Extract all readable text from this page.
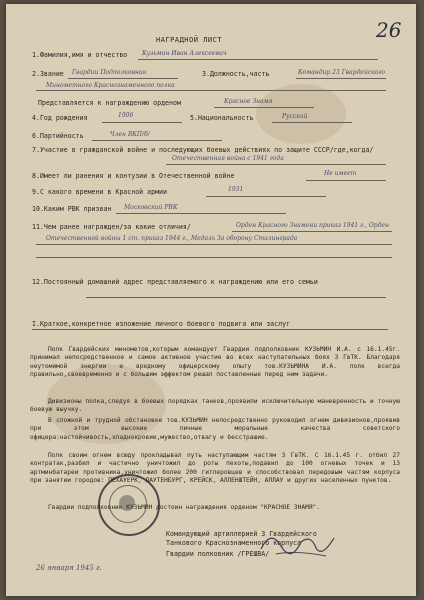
26
НАГРАДНОЙ ЛИСТ
1.Фамилия,имя и отчество Кузьмин Иван Алексеевич
2.Звание Гвардии Подполковник	3.Должность,часть	Командир 23 Гвардейского
Минометного Краснознаменного полка
Представляется к награждению орденом	Красное Знамя
4.Год рождения	1906	5.Национальность	Русский
6.Партийность	Член ВКП/б/
7.Участие в гражданской войне и последующих боевых действиях по защите СССР/где,когда/
Отечественная война с 1941 года
8.Имеет ли ранения и контузии в Отечественной войне	Не имеет
9.С какого времени в Красной армии	1931
10.Каким РВК призван Московский РВК
11.Чем ранее награжден/за какие отличия/	Орден Красного Знамени приказ 1941 г., Орден Отечественной войны 1 ст. приказ 1944 г., Медаль За оборону Сталинграда
12.Постоянный домашний адрес представляемого к награждению или его семьи
I.Краткое,конкретное изложение личного боевого подвига или заслуг
Полк Гвардейских минометов,которым командует Гвардии подполковник КУЗЬМИН И.А. с 16.1.45г. принимал непосредственное и самое активное участие во всех наступательных боях 3 ГвТК. Благодаря неутомимой энергии и вредному офицерскому опыту тов.КУЗЬМИНА И.А. полк всегда правильно,своевременно и с большим эффектом решал поставленные перед ним задачи.
Дивизионы полка,следуя в боевых порядках танков,проявили исключительную маневренность и точную боевую выучку.
В сложной и трудной обстановке тов.КУЗЬМИН непосредственно руководил огнем дивизионов,проявив при этом высокие личные моральные качества советского офицера:настойчивость,хладнокровие,мужество,отвагу и бесстрашие.
Полк своим огнем всюду прокладывал путь наступающим частям 3 ГвТК. С 16.1.45 г. отбил 27 контратак,разбил и частично уничтожил до роты пехоты,подавил до 100 огневых точек и 13 артминбатареи противника,уничтожил более 200 гитлеровцев и способствовал передовым частям корпуса при занятии городов: ПЕХАУЕРК, ЛАУТЕНБУРГ, КРЕЙСК, АЛЛЕНШТЕЙН, АЛЛАУ и других населенных пунктов.
Гвардии подполковник КУЗЬМИН достоин награждения орденом "КРАСНОЕ ЗНАМЯ".
Командующий артиллерией 3 Гвардейского
Танкового Краснознаменного корпуса
Гвардии полковник /ГРЕШВА/
26 января 1945 г.
